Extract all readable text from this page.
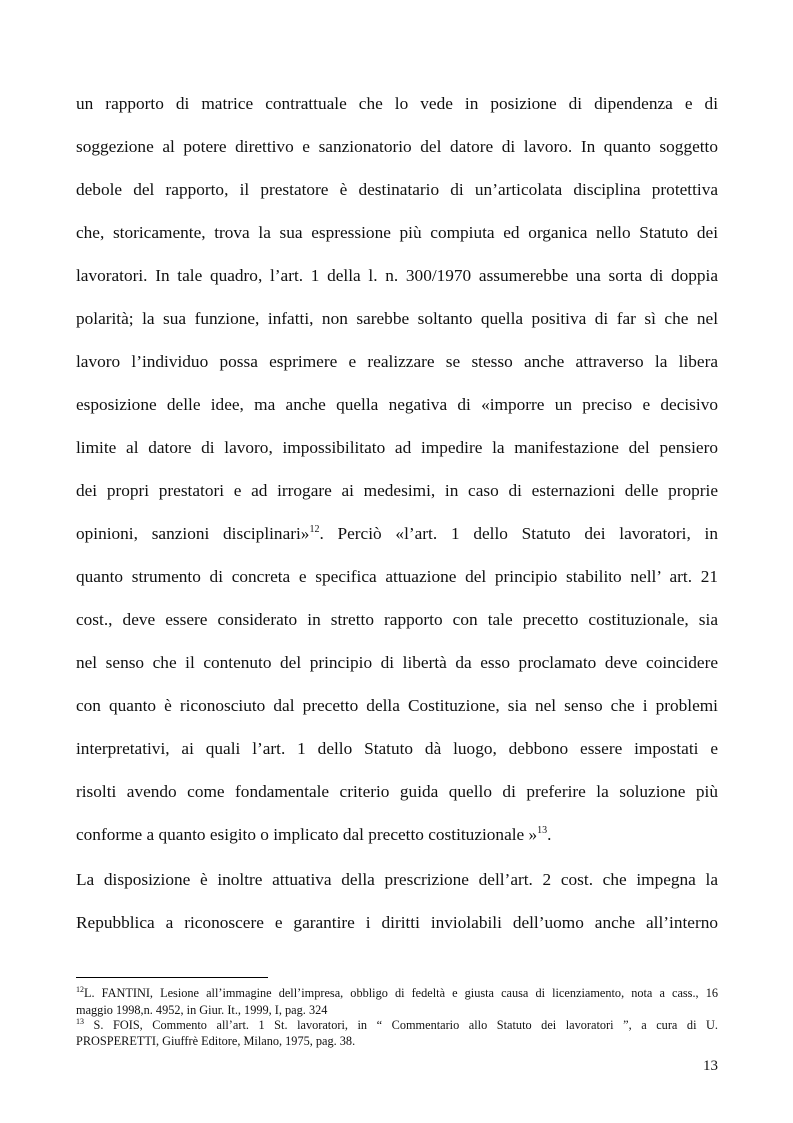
un rapporto di matrice contrattuale che lo vede in posizione di dipendenza e di
soggezione al potere direttivo e sanzionatorio del datore di lavoro. In quanto soggetto
debole del rapporto, il prestatore è destinatario di un’articolata disciplina protettiva
che, storicamente, trova la sua espressione più compiuta ed organica nello Statuto dei
lavoratori. In tale quadro, l’art. 1 della l. n. 300/1970 assumerebbe una sorta di doppia
polarità; la sua funzione, infatti, non sarebbe soltanto quella positiva di far sì che nel
lavoro l’individuo possa esprimere e realizzare se stesso anche attraverso la libera
esposizione delle idee, ma anche quella negativa di «imporre un preciso e decisivo
limite al datore di lavoro, impossibilitato ad impedire la manifestazione del pensiero
dei propri prestatori e ad irrogare ai medesimi, in caso di esternazioni delle proprie
opinioni, sanzioni disciplinari»$^{12}$. Perciò «l’art. 1 dello Statuto dei lavoratori, in
quanto strumento di concreta e specifica attuazione del principio stabilito nell’ art. 21
cost., deve essere considerato in stretto rapporto con tale precetto costituzionale, sia
nel senso che il contenuto del principio di libertà da esso proclamato deve coincidere
con quanto è riconosciuto dal precetto della Costituzione, sia nel senso che i problemi
interpretativi, ai quali l’art. 1 dello Statuto dà luogo, debbono essere impostati e
risolti avendo come fondamentale criterio guida quello di preferire la soluzione più
conforme a quanto esigito o implicato dal precetto costituzionale »$^{13}$.
La disposizione è inoltre attuativa della prescrizione dell’art. 2 cost. che impegna la
Repubblica a riconoscere e garantire i diritti inviolabili dell’uomo anche all’interno
$^{12}$L. FANTINI, Lesione all’immagine dell’impresa, obbligo di fedeltà e giusta causa di licenziamento, nota a cass., 16
maggio 1998,n. 4952, in Giur. It., 1999, I, pag. 324
$^{13}$ S. FOIS, Commento all’art. 1 St. lavoratori, in “ Commentario allo Statuto dei lavoratori ”, a cura di U.
PROSPERETTI, Giuffrè Editore, Milano, 1975, pag. 38.
13
